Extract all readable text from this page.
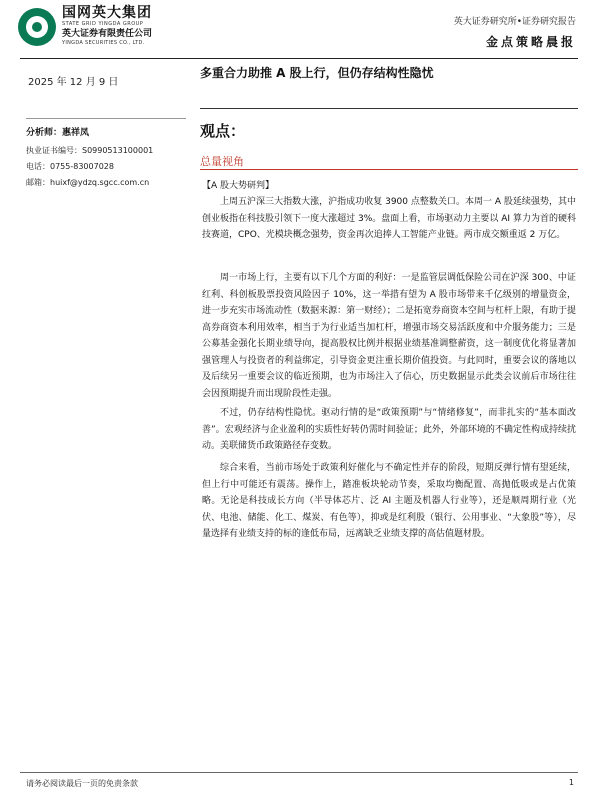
国网英大集团
STATE GRID YINGDA GROUP
英大证券有限责任公司
YINGDA SECURITIES CO., LTD.
英大证券研究所•证券研究报告
金点策略晨报
2025 年 12 月 9 日
多重合力助推 A 股上行，但仍存结构性隐忧
分析师：惠祥凤
执业证书编号：S0990513100001
电话：0755-83007028
邮箱：huixf@ydzq.sgcc.com.cn
观点：
总量视角
【A 股大势研判】
上周五沪深三大指数大涨，沪指成功收复 3900 点整数关口。本周一 A 股延续强势，其中创业板指在科技股引领下一度大涨超过 3%。盘面上看，市场驱动力主要以 AI 算力为首的硬科技赛道，CPO、光模块概念强势，资金再次追捧人工智能产业链。两市成交额重返 2 万亿。
周一市场上行，主要有以下几个方面的利好：一是监管层调低保险公司在沪深 300、中证红利、科创板股票投资风险因子 10%，这一举措有望为 A 股市场带来千亿级别的增量资金，进一步充实市场流动性（数据来源：第一财经）；二是拓宽券商资本空间与杠杆上限，有助于提高券商资本利用效率，相当于为行业适当加杠杆，增强市场交易活跃度和中介服务能力；三是公募基金强化长期业绩导向，提高股权比例并根据业绩基准调整薪资，这一制度优化将显著加强管理人与投资者的利益绑定，引导资金更注重长期价值投资。与此同时，重要会议的落地以及后续另一重要会议的临近预期，也为市场注入了信心，历史数据显示此类会议前后市场往往会因预期提升而出现阶段性走强。
不过，仍存结构性隐忧。驱动行情的是“政策预期”与“情绪修复”，而非扎实的“基本面改善”。宏观经济与企业盈利的实质性好转仍需时间验证；此外，外部环境的不确定性构成持续扰动。美联储货币政策路径存变数。
综合来看，当前市场处于政策利好催化与不确定性并存的阶段，短期反弹行情有望延续，但上行中可能还有震荡。操作上，踏准板块轮动节奏，采取均衡配置、高抛低吸或是占优策略。无论是科技成长方向（半导体芯片、泛 AI 主题及机器人行业等），还是顺周期行业（光伏、电池、储能、化工、煤炭、有色等），抑或是红利股（银行、公用事业、“大象股”等），尽量选择有业绩支持的标的逢低布局，远离缺乏业绩支撑的高估值题材股。
请务必阅读最后一页的免责条款	1
